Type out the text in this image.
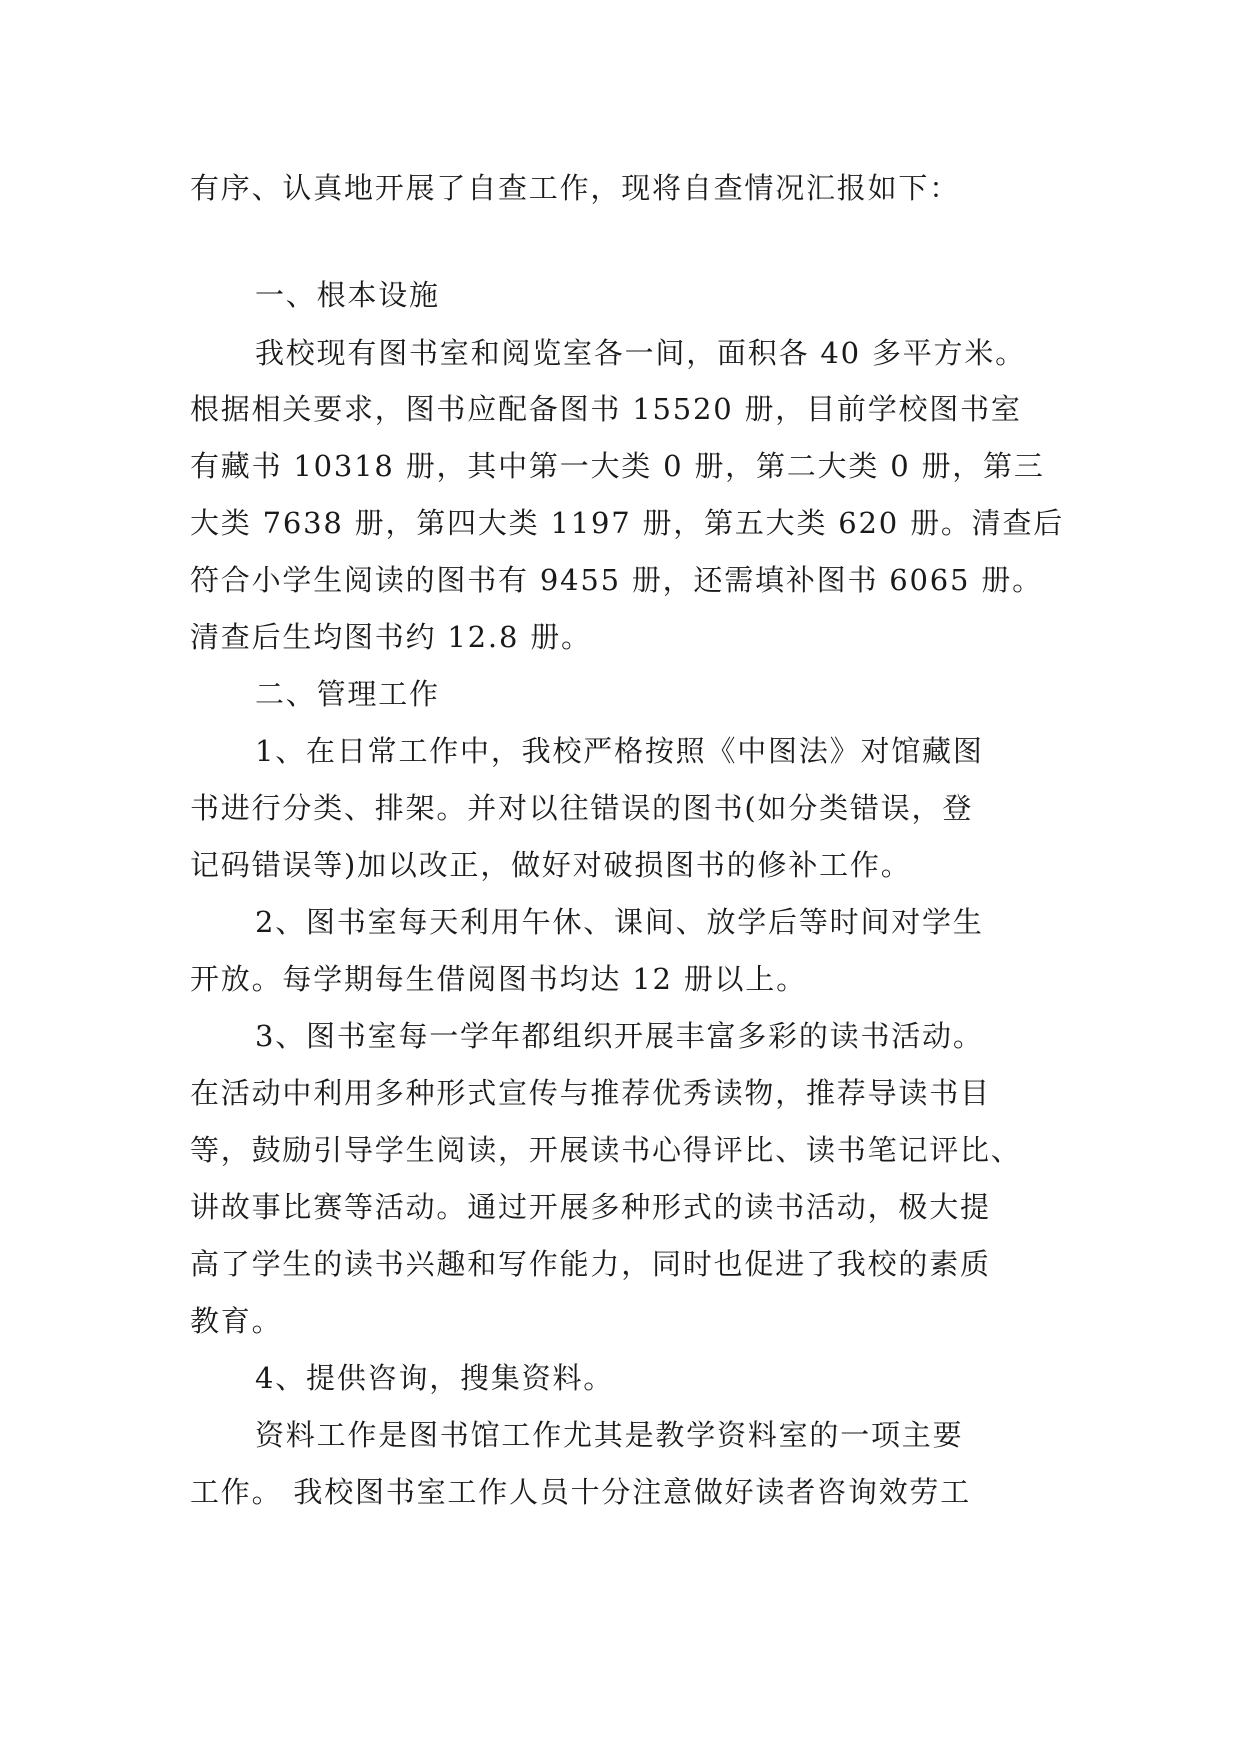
有序、认真地开展了自查工作，现将自查情况汇报如下：
一、根本设施
我校现有图书室和阅览室各一间，面积各 40 多平方米。
根据相关要求，图书应配备图书 15520 册，目前学校图书室
有藏书 10318 册，其中第一大类 0 册，第二大类 0 册，第三
大类 7638 册，第四大类 1197 册，第五大类 620 册。清查后
符合小学生阅读的图书有 9455 册，还需填补图书 6065 册。
清查后生均图书约 12.8 册。
二、管理工作
1、在日常工作中，我校严格按照《中图法》对馆藏图
书进行分类、排架。并对以往错误的图书(如分类错误，登
记码错误等)加以改正，做好对破损图书的修补工作。
2、图书室每天利用午休、课间、放学后等时间对学生
开放。每学期每生借阅图书均达 12 册以上。
3、图书室每一学年都组织开展丰富多彩的读书活动。
在活动中利用多种形式宣传与推荐优秀读物，推荐导读书目
等，鼓励引导学生阅读，开展读书心得评比、读书笔记评比、
讲故事比赛等活动。通过开展多种形式的读书活动，极大提
高了学生的读书兴趣和写作能力，同时也促进了我校的素质
教育。
4、提供咨询，搜集资料。
资料工作是图书馆工作尤其是教学资料室的一项主要
工作。 我校图书室工作人员十分注意做好读者咨询效劳工
